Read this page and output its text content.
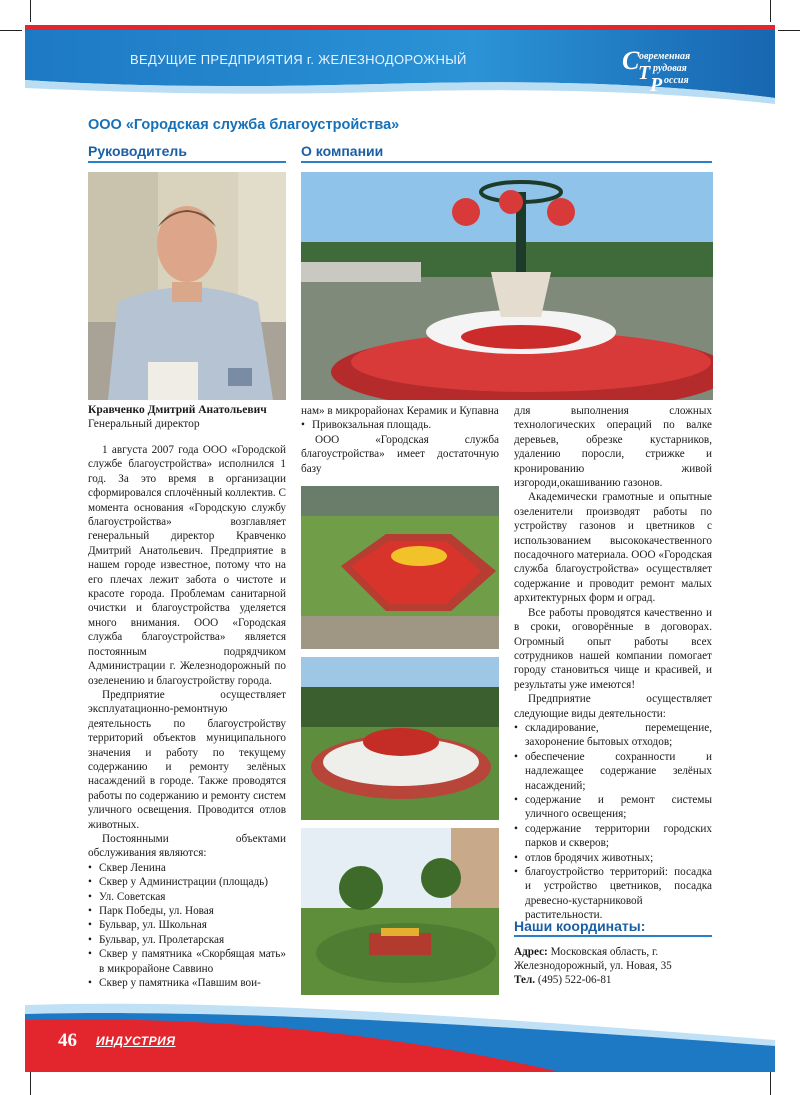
ВЕДУЩИЕ ПРЕДПРИЯТИЯ г. ЖЕЛЕЗНОДОРОЖНЫЙ	С овременная
Т рудовая
Р оссия
ООО «Городская служба благоустройства»
Руководитель	О компании
Кравченко Дмитрий Анатольевич
Генеральный директор

1 августа 2007 года ООО «Городской службе благоустройства» исполнился 1 год. За это время в организации сформировался сплочённый коллектив. С момента основания «Городскую службу благоустройства» возглавляет генеральный директор Кравченко Дмитрий Анатольевич. Предприятие в нашем городе известное, потому что на его плечах лежит забота о чистоте и красоте города. Проблемам санитарной очистки и благоустройства уделяется много внимания. ООО «Городская служба благоустройства» является постоянным подрядчиком Администрации г. Железнодорожный по озеленению и благоустройству города.

Предприятие осуществляет эксплуатационно-ремонтную деятельность по благоустройству территорий объектов муниципального значения и работу по текущему содержанию и ремонту зелёных насаждений в городе. Также проводятся работы по содержанию и ремонту систем уличного освещения. Проводится отлов животных.

Постоянными объектами обслуживания являются:

• Сквер Ленина
• Сквер у Администрации (площадь)
• Ул. Советская
• Парк Победы, ул. Новая
• Бульвар, ул. Школьная
• Бульвар, ул. Пролетарская
• Сквер у памятника «Скорбящая мать» в микрорайоне Саввино
• Сквер у памятника «Павшим вои-

нам» в микрорайонах Керамик и Купавна

• Привокзальная площадь.

ООО «Городская служба благоустройства» имеет достаточную базу

для выполнения сложных технологических операций по валке деревьев, обрезке кустарников, удалению поросли, стрижке и кронированию живой изгороди,окашиванию газонов.

Академически грамотные и опытные озеленители производят работы по устройству газонов и цветников с использованием высококачественного посадочного материала. ООО «Городская служба благоустройства» осуществляет содержание и проводит ремонт малых архитектурных форм и оград.

Все работы проводятся качественно и в сроки, оговорённые в договорах. Огромный опыт работы всех сотрудников нашей компании помогает городу становиться чище и красивей, и результаты уже имеются!

Предприятие осуществляет следующие виды деятельности:

• складирование, перемещение, захоронение бытовых отходов;
• обеспечение сохранности и надлежащее содержание зелёных насаждений;
• содержание и ремонт системы уличного освещения;
• содержание территории городских парков и скверов;
• отлов бродячих животных;
• благоустройство территорий: посадка и устройство цветников, посадка древесно-кустарниковой растительности.
Наши координаты:
Адрес: Московская область, г. Железнодорожный, ул. Новая, 35
Тел. (495) 522-06-81
46 ИНДУСТРИЯ
